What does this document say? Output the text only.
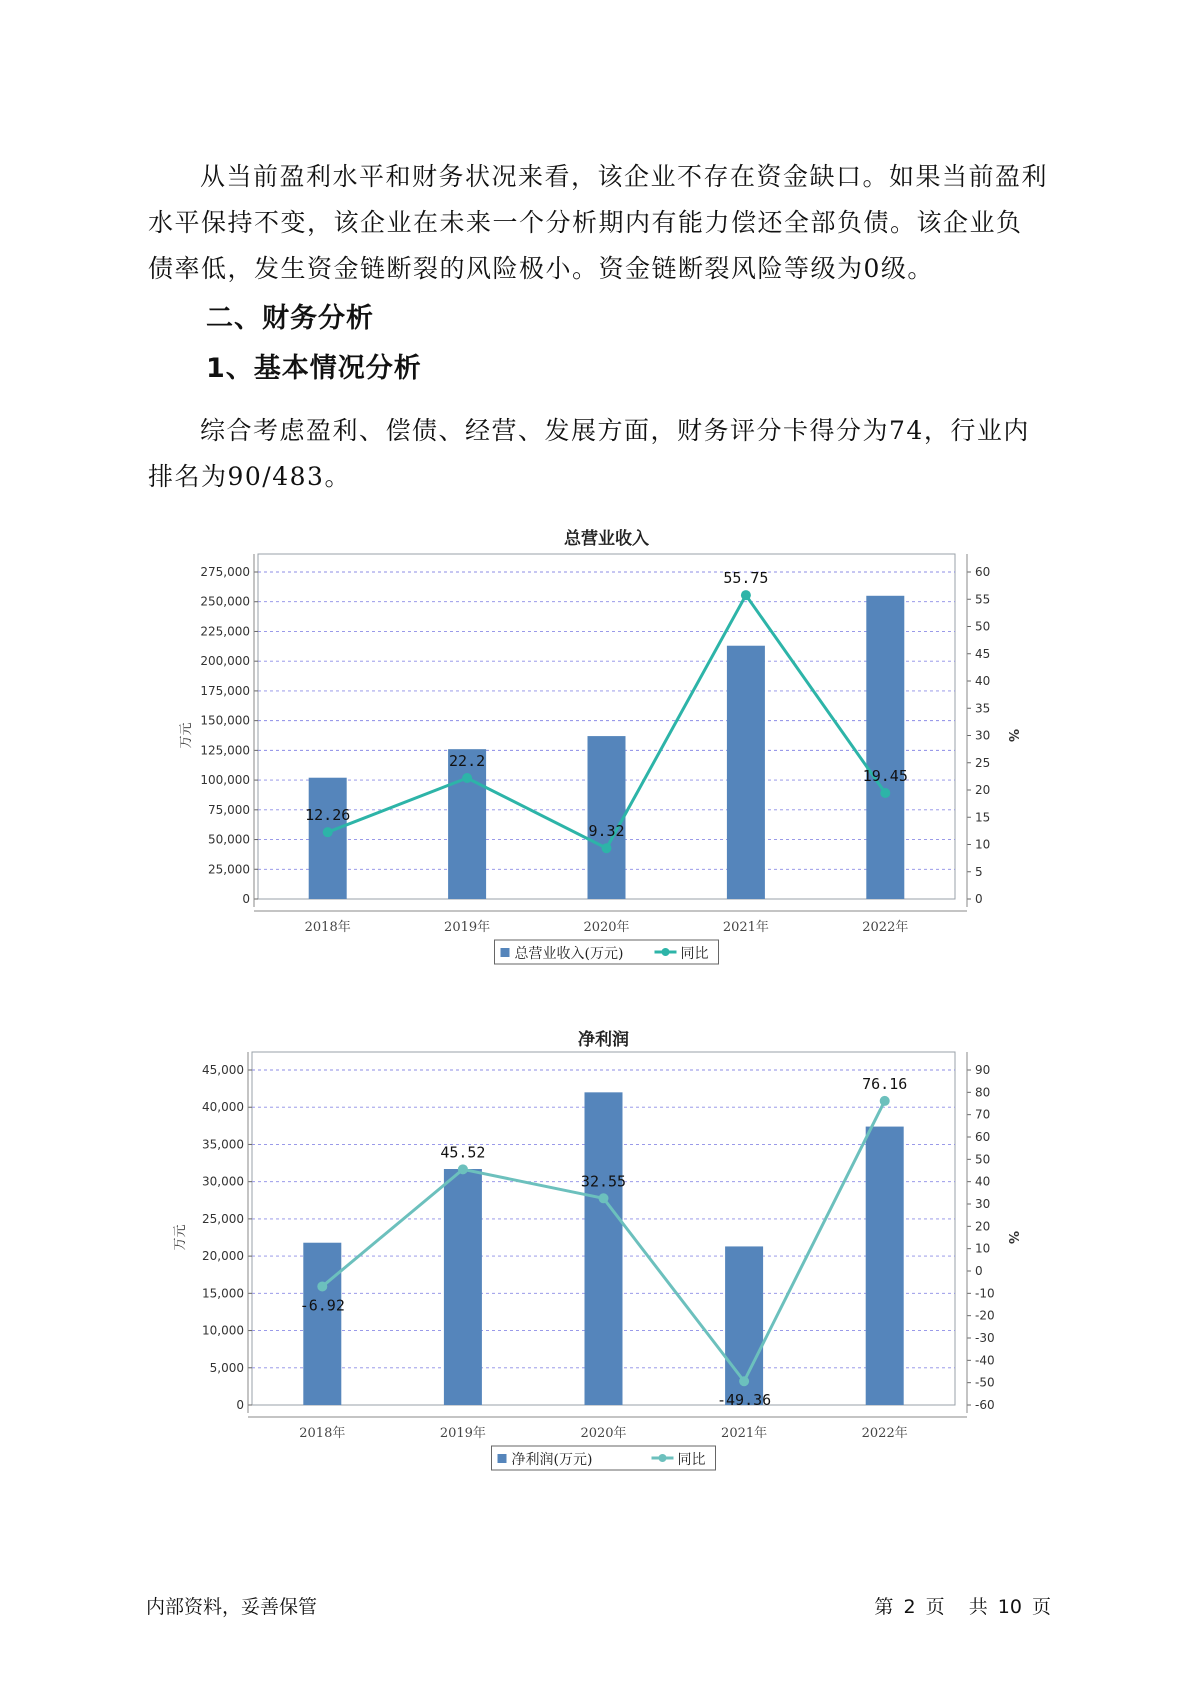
从当前盈利水平和财务状况来看，该企业不存在资金缺口。如果当前盈利水平保持不变，该企业在未来一个分析期内有能力偿还全部负债。该企业负债率低，发生资金链断裂的风险极小。资金链断裂风险等级为0级。

二、财务分析
1、基本情况分析

综合考虑盈利、偿债、经营、发展方面，财务评分卡得分为74，行业内排名为90/483。

总营业收入
0
25,000
50,000
75,000
100,000
125,000
150,000
175,000
200,000
225,000
250,000
275,000
0
5
10
15
20
25
30
35
40
45
50
55
60
万元	%
2018年	2019年	2020年	2021年	2022年
12.26
22.2
9.32
55.75
19.45
总营业收入(万元)	同比
净利润
0
5,000
10,000
15,000
20,000
25,000
30,000
35,000
40,000
45,000
-60
-50
-40
-30
-20
-10
0
10
20
30
40
50
60
70
80
90
万元	%
2018年	2019年	2020年	2021年	2022年
-6.92
45.52
32.55
-49.36
76.16
净利润(万元)	同比
内部资料，妥善保管	第 2 页 共 10 页
